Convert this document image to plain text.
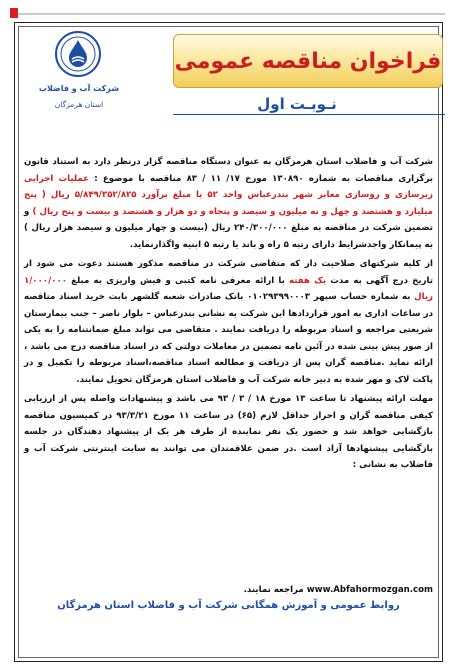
شرکت آب و فاضلاب
استان هرمزگان
فراخوان مناقصه عمومی
نـوبـت اول

شرکت آب و فاضلاب استان هرمزگان به عنوان دستگاه مناقصه گزار درنظر دارد به استناد قانون برگزاری مناقصات به شماره ۱۳۰۸۹۰ مورخ ۱۷/ ۱۱ / ۸۳ مناقصه با موضوع : عملیات اجرایی زیرسازی و روسازی معابر شهر بندرعباس واحد ۵۲ با مبلغ برآورد ۵/۸۴۹/۳۵۲/۸۲۵ ریال ( پنج میلیارد و هشتصد و چهل و نه میلیون و سیصد و پنجاه و دو هزار و هشتصد و بیست و پنج ریال ) و تضمین شرکت در مناقصه به مبلغ ۲۴۰/۳۰۰/۰۰۰ ریال (بیست و چهار میلیون و سیصد هزار ریال ) به پیمانکار واجدشرایط دارای رتبه ۵ راه و باند یا رتبه ۵ ابنیه واگذارنماید.

از کلیه شرکتهای صلاحیت دار که متقاضی شرکت در مناقصه مذکور هستند دعوت می شود از تاریخ درج آگهی به مدت یک هفته با ارائه معرفی نامه کتبی و فیش واریزی به مبلغ ۱/۰۰۰/۰۰۰ ریال به شماره حساب سپهر ۰۱۰۲۹۳۹۹۰۰۰۳ بانک صادرات شعبه گلشهر بابت خرید اسناد مناقصه در ساعات اداری به امور قراردادها این شرکت به نشانی بندرعباس – بلوار ناصر – جنب بیمارستان شریعتی مراجعه و اسناد مربوطه را دریافت نمایند . متقاضی می تواند مبلغ ضمانتنامه را به یکی از صور پیش بینی شده در آئین نامه تضمین در معاملات دولتی که در اسناد مناقصه درج می باشد ، ارائه نماید .مناقصه گران پس از دریافت و مطالعه اسناد مناقصه،اسناد مربوطه را تکمیل و در پاکت لاک و مهر شده به دبیر خانه شرکت آب و فاضلاب استان هرمزگان تحویل نمایند.

مهلت ارائه پیشنهاد تا ساعت ۱۳ مورخ ۱۸ / ۳ / ۹۳ می باشد و پیشنهادات واصله پس از ارزیابی کیفی مناقصه گران و احراز حداقل لازم (۶۵) در ساعت ۱۱ مورخ ۹۳/۳/۲۱ در کمیسیون مناقصه بازگشایی خواهد شد و حضور یک نفر نماینده از طرف هر یک از پیشنهاد دهندگان در جلسه بازگشایی پیشنهادها آزاد است .در ضمن علاقمندان می توانند به سایت اینترنتی شرکت آب و فاضلاب به نشانی :

www.Abfahormozgan.com مراجعه نمایند.
روابط عمومی و آموزش همگانی شرکت آب و فاضلاب استان هرمزگان
